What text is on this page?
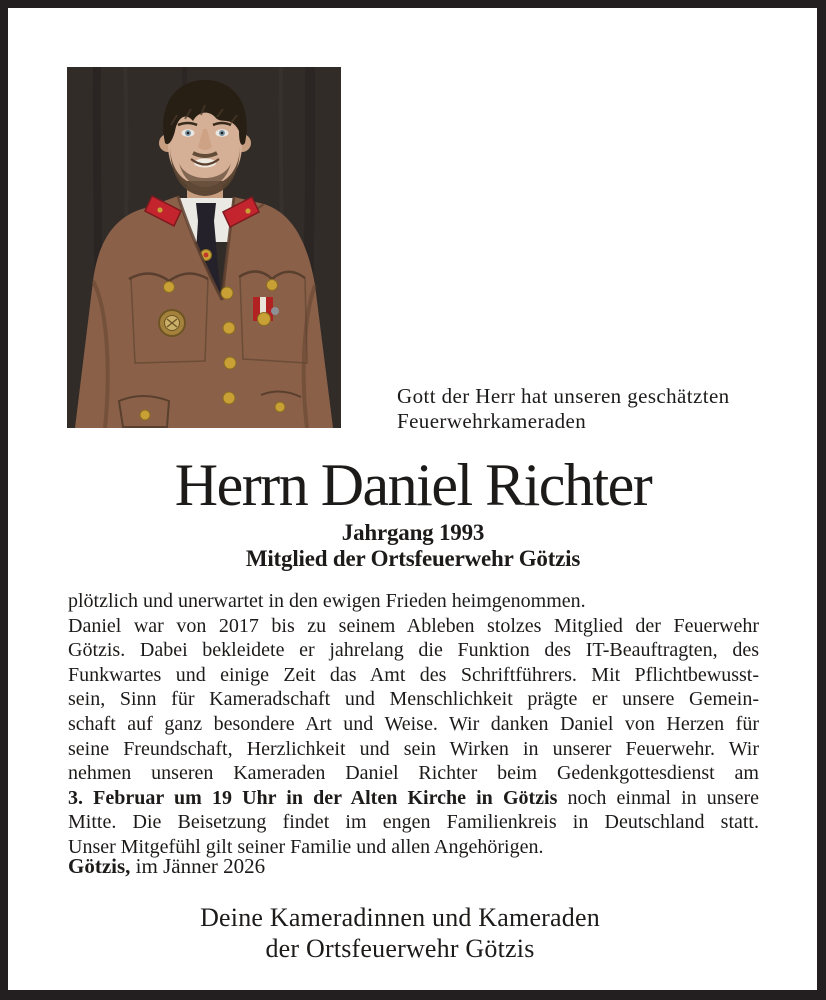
Gott der Herr hat unseren geschätzten
Feuerwehrkameraden
Herrn Daniel Richter
Jahrgang 1993
Mitglied der Ortsfeuerwehr Götzis
plötzlich und unerwartet in den ewigen Frieden heimgenommen.
Daniel war von 2017 bis zu seinem Ableben stolzes Mitglied der Feuerwehr
Götzis. Dabei bekleidete er jahrelang die Funktion des IT-Beauftragten, des
Funkwartes und einige Zeit das Amt des Schriftführers. Mit Pflichtbewusst-
sein, Sinn für Kameradschaft und Menschlichkeit prägte er unsere Gemein-
schaft auf ganz besondere Art und Weise. Wir danken Daniel von Herzen für
seine Freundschaft, Herzlichkeit und sein Wirken in unserer Feuerwehr. Wir
nehmen unseren Kameraden Daniel Richter beim Gedenkgottesdienst am
3. Februar um 19 Uhr in der Alten Kirche in Götzis noch einmal in unsere
Mitte. Die Beisetzung findet im engen Familienkreis in Deutschland statt.
Unser Mitgefühl gilt seiner Familie und allen Angehörigen.
Götzis, im Jänner 2026
Deine Kameradinnen und Kameraden
der Ortsfeuerwehr Götzis
